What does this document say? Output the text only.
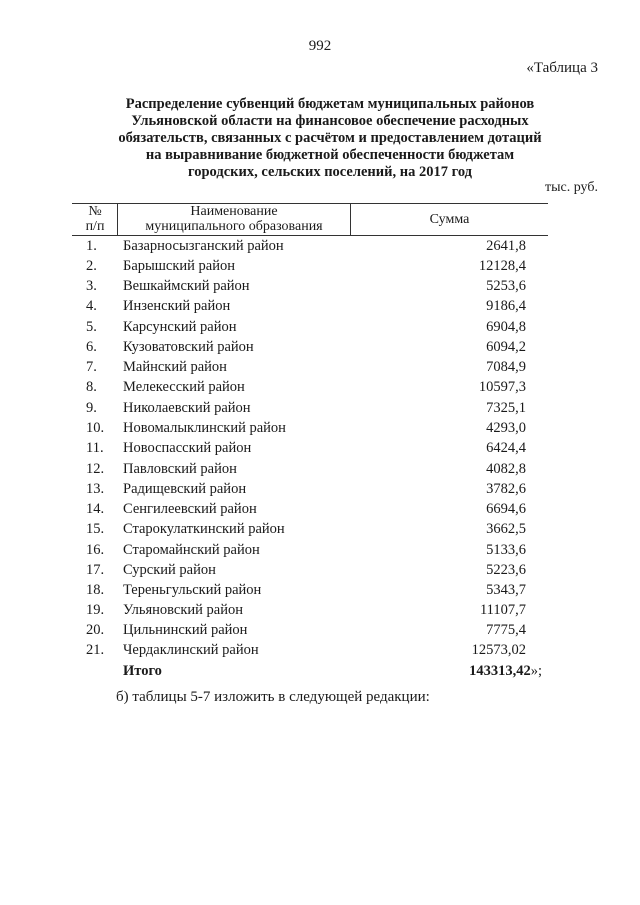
992
«Таблица 3
Распределение субвенций бюджетам муниципальных районов
Ульяновской области на финансовое обеспечение расходных
обязательств, связанных с расчётом и предоставлением дотаций
на выравнивание бюджетной обеспеченности бюджетам
городских, сельских поселений, на 2017 год
тыс. руб.
№
п/п
Наименование
муниципального образования	Сумма
1. Базарносызганский район	2641,8
2. Барышский район	12128,4
3. Вешкаймский район	5253,6
4. Инзенский район	9186,4
5. Карсунский район	6904,8
6. Кузоватовский район	6094,2
7. Майнский район	7084,9
8. Мелекесский район	10597,3
9. Николаевский район	7325,1
10. Новомалыклинский район	4293,0
11. Новоспасский район	6424,4
12. Павловский район	4082,8
13. Радищевский район	3782,6
14. Сенгилеевский район	6694,6
15. Старокулаткинский район	3662,5
16. Старомайнский район	5133,6
17. Сурский район	5223,6
18. Тереньгульский район	5343,7
19. Ульяновский район	11107,7
20. Цильнинский район	7775,4
21. Чердаклинский район	12573,02
Итого	143313,42»;
б) таблицы 5-7 изложить в следующей редакции:
